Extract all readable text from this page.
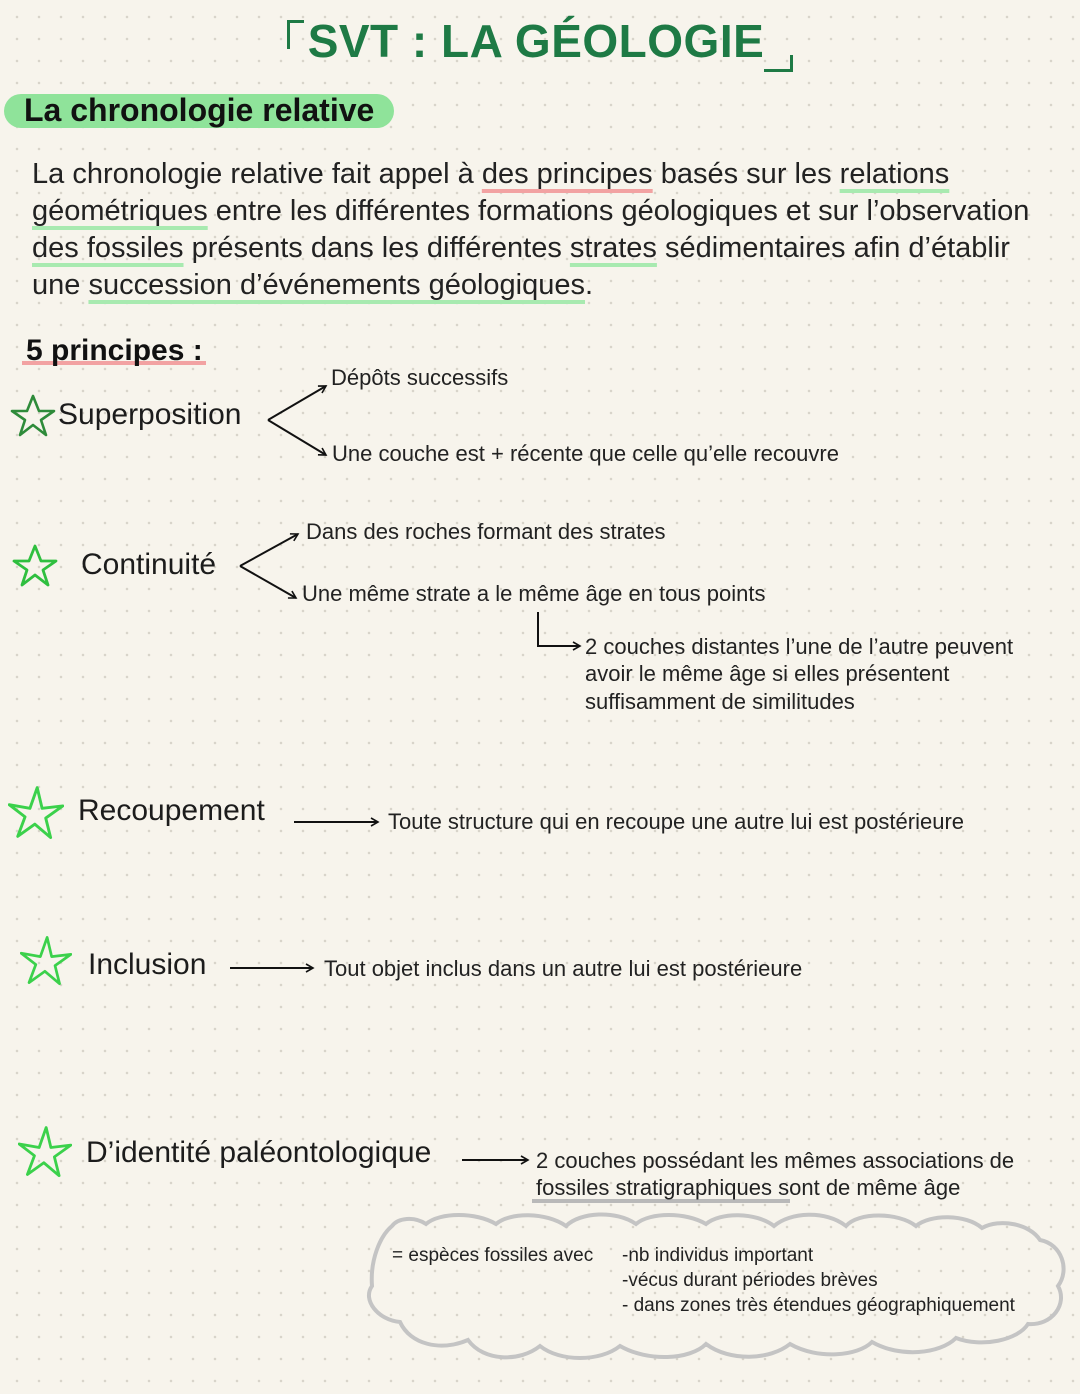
SVT : LA GÉOLOGIE
La chronologie relative
La chronologie relative fait appel à des principes basés sur les relations géométriques entre les différentes formations géologiques et sur l’observation des fossiles présents dans les différentes strates sédimentaires afin d’établir une succession d’événements géologiques.
5 principes :
Superposition
Dépôts successifs
Une couche est + récente que celle qu’elle recouvre
Continuité
Dans des roches formant des strates
Une même strate a le même âge en tous points
2 couches distantes l’une de l’autre peuvent
avoir le même âge si elles présentent
suffisamment de similitudes
Recoupement	Toute structure qui en recoupe une autre lui est postérieure
Inclusion	Tout objet inclus dans un autre lui est postérieure
D’identité paléontologique	2 couches possédant les mêmes associations de
fossiles stratigraphiques sont de même âge
= espèces fossiles avec -nb individus important
-vécus durant périodes brèves
- dans zones très étendues géographiquement
